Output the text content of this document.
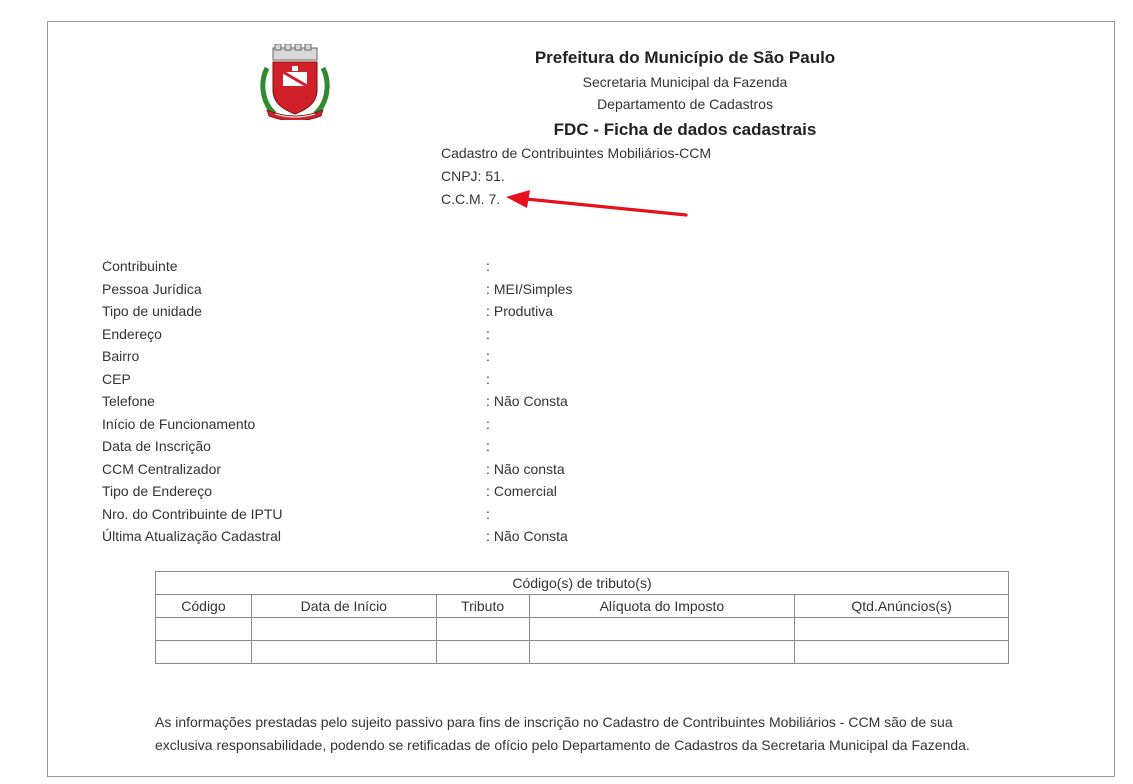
Prefeitura do Município de São Paulo
Secretaria Municipal da Fazenda
Departamento de Cadastros
FDC - Ficha de dados cadastrais
Cadastro de Contribuintes Mobiliários-CCM
CNPJ: 51.
C.C.M. 7.
Contribuinte	:
Pessoa Jurídica	: MEI/Simples
Tipo de unidade	: Produtiva
Endereço	:
Bairro	:
CEP	:
Telefone	: Não Consta
Início de Funcionamento	:
Data de Inscrição	:
CCM Centralizador	: Não consta
Tipo de Endereço	: Comercial
Nro. do Contribuinte de IPTU	:
Última Atualização Cadastral	: Não Consta
Código(s) de tributo(s)				
Código	Data de Início	Tributo	Alíquota do Imposto	Qtd.Anúncios(s)

As informações prestadas pelo sujeito passivo para fins de inscrição no Cadastro de Contribuintes Mobiliários - CCM são de sua
exclusiva responsabilidade, podendo se retificadas de ofício pelo Departamento de Cadastros da Secretaria Municipal da Fazenda.
